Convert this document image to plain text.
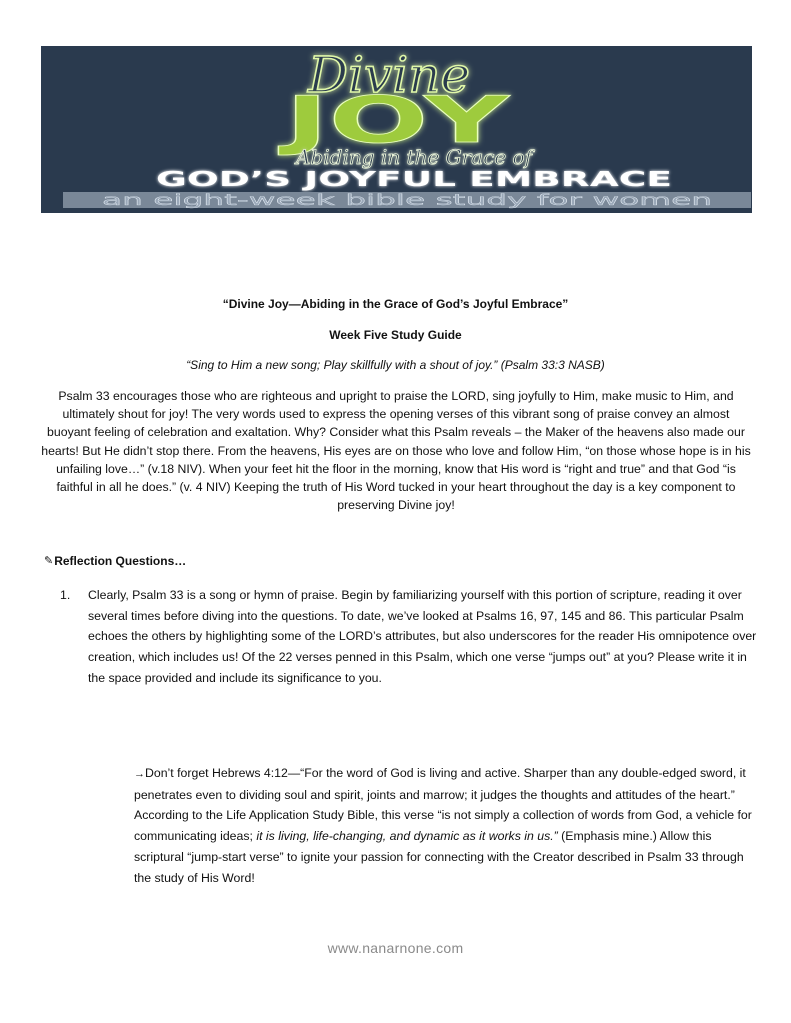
Divine
JOY
Abiding in the Grace of
GOD’S JOYFUL EMBRACE
an eight-week bible study for women
“Divine Joy—Abiding in the Grace of God’s Joyful Embrace”
Week Five Study Guide
“Sing to Him a new song; Play skillfully with a shout of joy.” (Psalm 33:3 NASB)
Psalm 33 encourages those who are righteous and upright to praise the LORD, sing joyfully to Him, make music to Him, and ultimately shout for joy! The very words used to express the opening verses of this vibrant song of praise convey an almost buoyant feeling of celebration and exaltation. Why? Consider what this Psalm reveals – the Maker of the heavens also made our hearts! But He didn’t stop there. From the heavens, His eyes are on those who love and follow Him, “on those whose hope is in his unfailing love…” (v.18 NIV). When your feet hit the floor in the morning, know that His word is “right and true” and that God “is faithful in all he does.” (v. 4 NIV) Keeping the truth of His Word tucked in your heart throughout the day is a key component to preserving Divine joy!
✎ Reflection Questions…
1.	Clearly, Psalm 33 is a song or hymn of praise. Begin by familiarizing yourself with this portion of scripture, reading it over several times before diving into the questions. To date, we’ve looked at Psalms 16, 97, 145 and 86. This particular Psalm echoes the others by highlighting some of the LORD’s attributes, but also underscores for the reader His omnipotence over creation, which includes us! Of the 22 verses penned in this Psalm, which one verse “jumps out” at you? Please write it in the space provided and include its significance to you.
→Don’t forget Hebrews 4:12—“For the word of God is living and active. Sharper than any double-edged sword, it penetrates even to dividing soul and spirit, joints and marrow; it judges the thoughts and attitudes of the heart.” According to the Life Application Study Bible, this verse “is not simply a collection of words from God, a vehicle for communicating ideas; it is living, life-changing, and dynamic as it works in us.” (Emphasis mine.) Allow this scriptural “jump-start verse” to ignite your passion for connecting with the Creator described in Psalm 33 through the study of His Word!
www.nanarnone.com
